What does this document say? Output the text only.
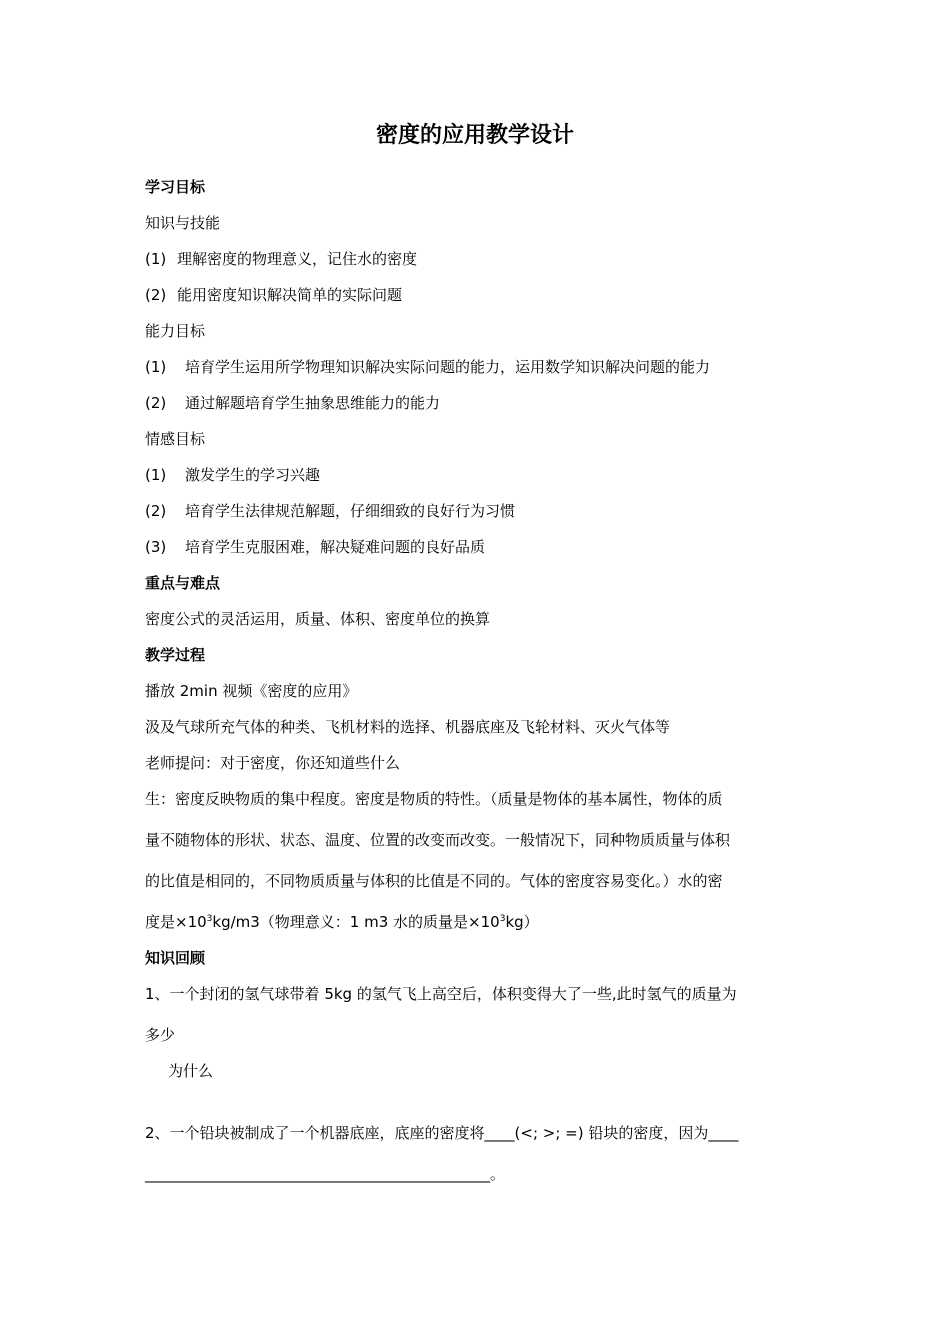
密度的应用教学设计
学习目标
知识与技能
(1) 理解密度的物理意义，记住水的密度
(2) 能用密度知识解决简单的实际问题
能力目标
(1) 培育学生运用所学物理知识解决实际问题的能力，运用数学知识解决问题的能力
(2) 通过解题培育学生抽象思维能力的能力
情感目标
(1) 激发学生的学习兴趣
(2) 培育学生法律规范解题，仔细细致的良好行为习惯
(3) 培育学生克服困难，解决疑难问题的良好品质
重点与难点
密度公式的灵活运用，质量、体积、密度单位的换算
教学过程
播放 2min 视频《密度的应用》
汲及气球所充气体的种类、飞机材料的选择、机器底座及飞轮材料、灭火气体等
老师提问：对于密度，你还知道些什么
生：密度反映物质的集中程度。密度是物质的特性。（质量是物体的基本属性，物体的质
量不随物体的形状、状态、温度、位置的改变而改变。一般情况下，同种物质质量与体积
的比值是相同的，不同物质质量与体积的比值是不同的。气体的密度容易变化。）水的密
度是$\times 10^3kg/m3$（物理意义：1 m3 水的质量是$\times 10^3kg$）
知识回顾
1、一个封闭的氢气球带着 5kg 的氢气飞上高空后，体积变得大了一些,此时氢气的质量为
多少
为什么
2、一个铅块被制成了一个机器底座，底座的密度将____(<; >; =) 铅块的密度，因为____
______________________________________________。
